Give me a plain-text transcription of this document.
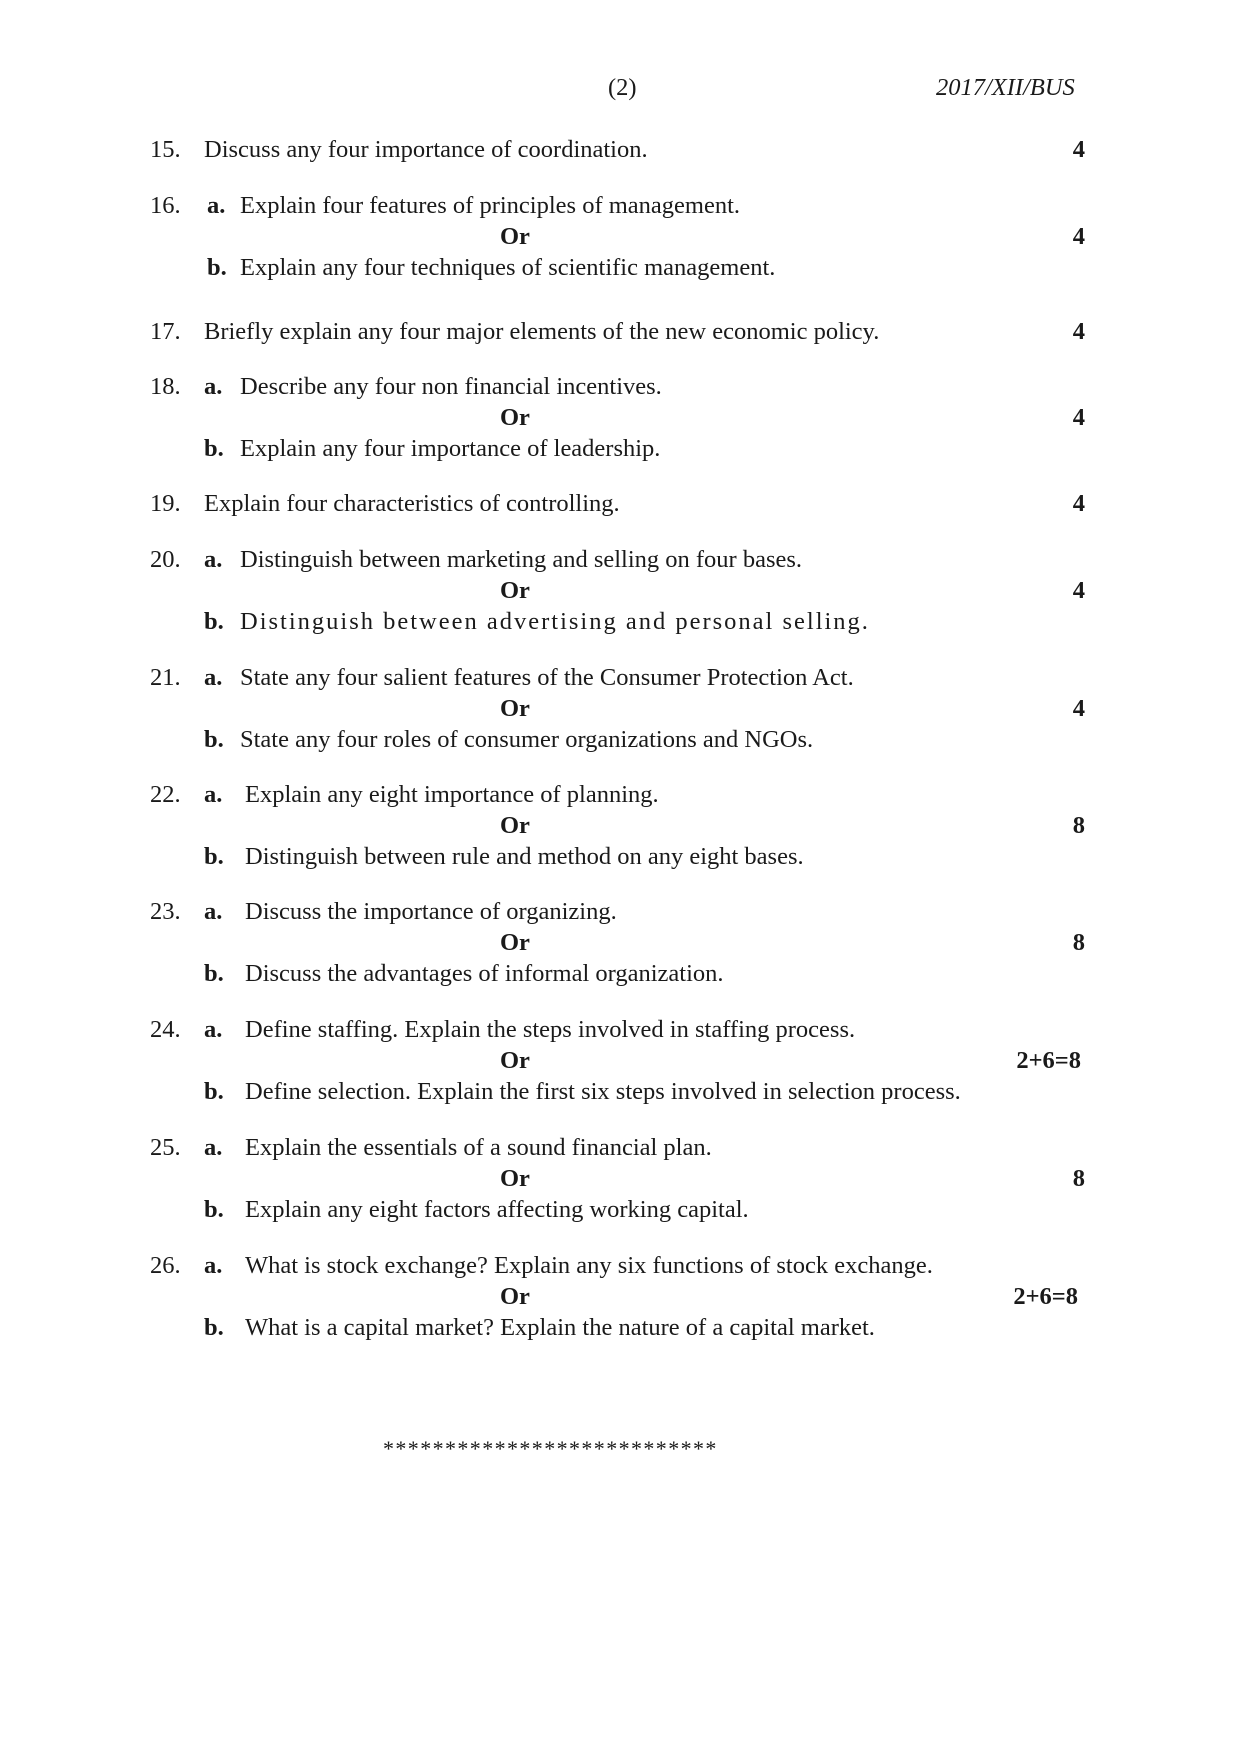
(2)	2017/XII/BUS
15. Discuss any four importance of coordination.	4
16. a. Explain four features of principles of management.
Or	4
b. Explain any four techniques of scientific management.
17. Briefly explain any four major elements of the new economic policy.	4
18. a. Describe any four non financial incentives.
Or	4
b. Explain any four importance of leadership.
19. Explain four characteristics of controlling.	4
20. a. Distinguish between marketing and selling on four bases.
Or	4
b. Distinguish between advertising and personal selling.
21. a. State any four salient features of the Consumer Protection Act.
Or	4
b. State any four roles of consumer organizations and NGOs.
22. a. Explain any eight importance of planning.
Or	8
b. Distinguish between rule and method on any eight bases.
23. a. Discuss the importance of organizing.
Or	8
b. Discuss the advantages of informal organization.
24. a. Define staffing. Explain the steps involved in staffing process.
Or	2+6=8
b. Define selection. Explain the first six steps involved in selection process.
25. a. Explain the essentials of a sound financial plan.
Or	8
b. Explain any eight factors affecting working capital.
26. a. What is stock exchange? Explain any six functions of stock exchange.
Or	2+6=8
b. What is a capital market? Explain the nature of a capital market.
***************************
